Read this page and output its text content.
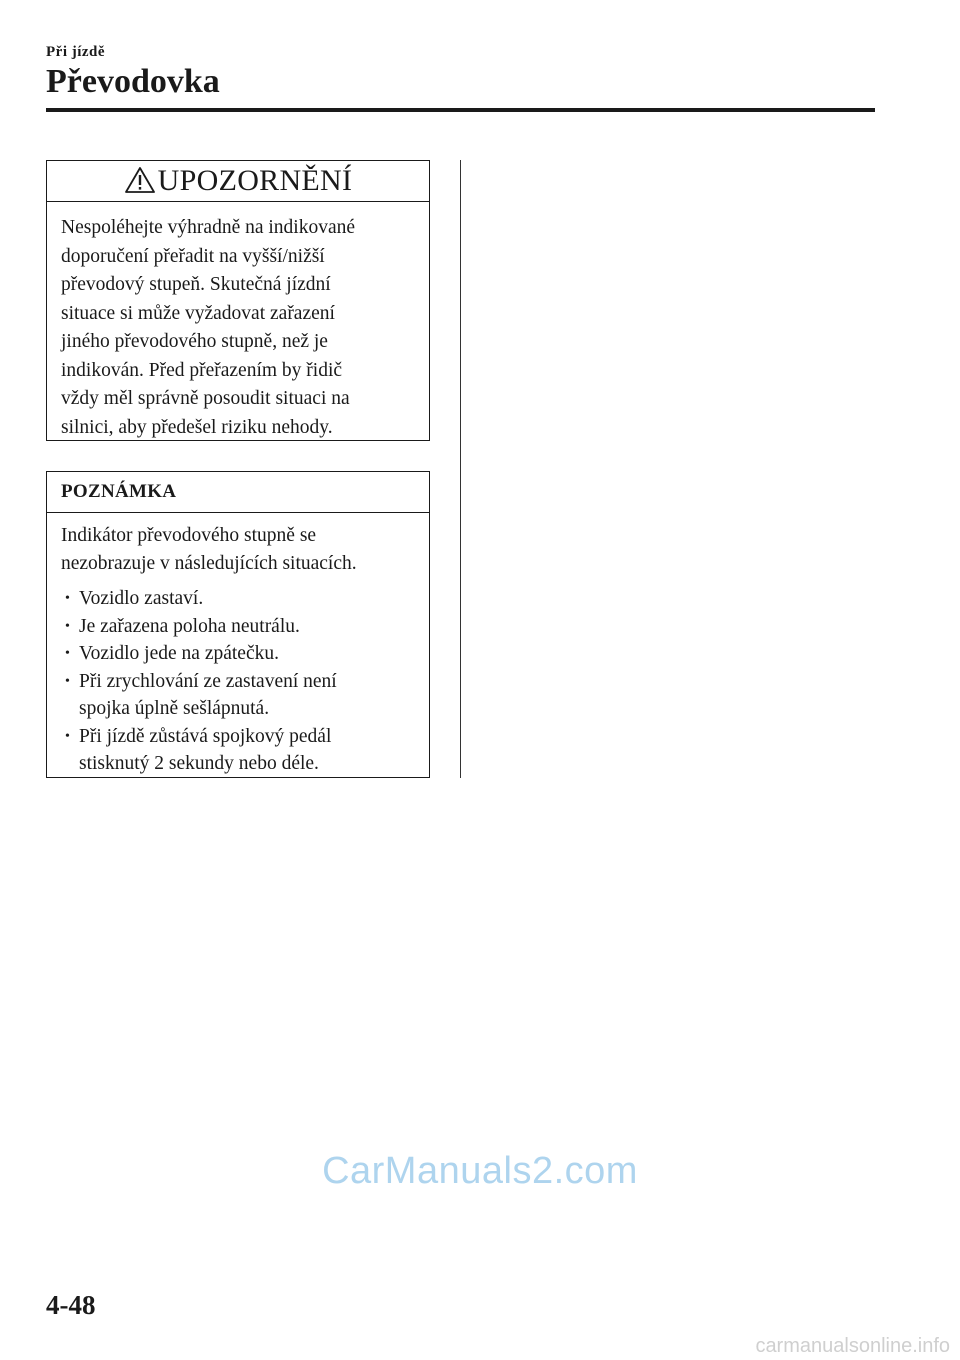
Při jízdě
Převodovka
UPOZORNĚNÍ
Nespoléhejte výhradně na indikované
doporučení přeřadit na vyšší/nižší
převodový stupeň. Skutečná jízdní
situace si může vyžadovat zařazení
jiného převodového stupně, než je
indikován. Před přeřazením by řidič
vždy měl správně posoudit situaci na
silnici, aby předešel riziku nehody.
POZNÁMKA
Indikátor převodového stupně se
nezobrazuje v následujících situacích.
• Vozidlo zastaví.
• Je zařazena poloha neutrálu.
• Vozidlo jede na zpátečku.
• Při zrychlování ze zastavení není
spojka úplně sešlápnutá.
• Při jízdě zůstává spojkový pedál
stisknutý 2 sekundy nebo déle.
CarManuals2.com
4-48
carmanualsonline.info
